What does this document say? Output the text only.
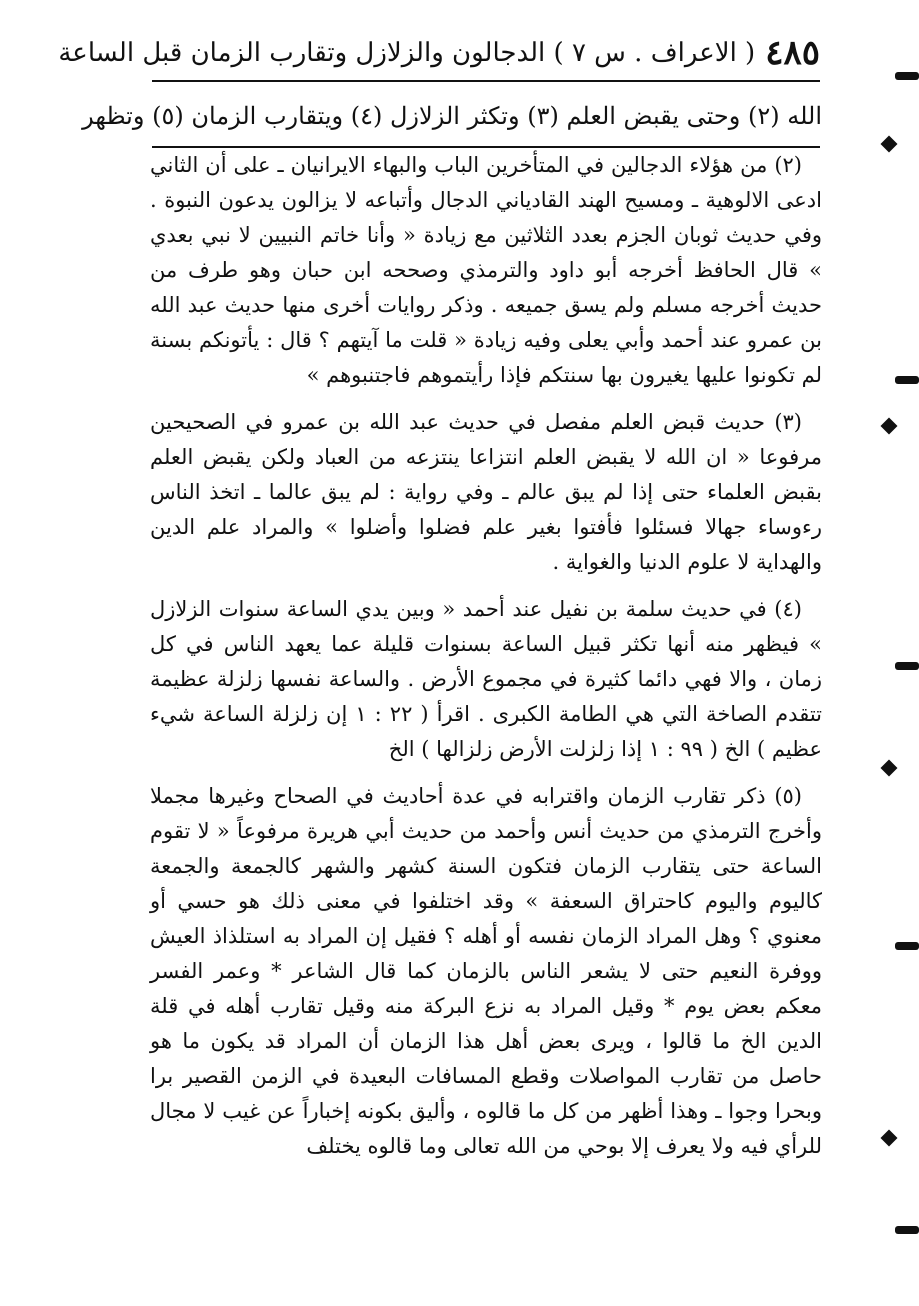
٤٨٥
( الاعراف . س ٧ ) الدجالون والزلازل وتقارب الزمان قبل الساعة
الله (٢) وحتى يقبض العلم (٣) وتكثر الزلازل (٤) ويتقارب الزمان (٥) وتظهر

(٢) من هؤلاء الدجالين في المتأخرين الباب والبهاء الايرانيان ـ على أن الثاني ادعى الالوهية ـ ومسيح الهند القادياني الدجال وأتباعه لا يزالون يدعون النبوة . وفي حديث ثوبان الجزم بعدد الثلاثين مع زيادة « وأنا خاتم النبيين لا نبي بعدي » قال الحافظ أخرجه أبو داود والترمذي وصححه ابن حبان وهو طرف من حديث أخرجه مسلم ولم يسق جميعه . وذكر روايات أخرى منها حديث عبد الله بن عمرو عند أحمد وأبي يعلى وفيه زيادة « قلت ما آيتهم ؟ قال : يأتونكم بسنة لم تكونوا عليها يغيرون بها سنتكم فإذا رأيتموهم فاجتنبوهم »

(٣) حديث قبض العلم مفصل في حديث عبد الله بن عمرو في الصحيحين مرفوعا « ان الله لا يقبض العلم انتزاعا ينتزعه من العباد ولكن يقبض العلم بقبض العلماء حتى إذا لم يبق عالم ـ وفي رواية : لم يبق عالما ـ اتخذ الناس رءوساء جهالا فسئلوا فأفتوا بغير علم فضلوا وأضلوا » والمراد علم الدين والهداية لا علوم الدنيا والغواية .

(٤) في حديث سلمة بن نفيل عند أحمد « وبين يدي الساعة سنوات الزلازل » فيظهر منه أنها تكثر قبيل الساعة بسنوات قليلة عما يعهد الناس في كل زمان ، والا فهي دائما كثيرة في مجموع الأرض . والساعة نفسها زلزلة عظيمة تتقدم الصاخة التي هي الطامة الكبرى . اقرأ ( ٢٢ : ١ إن زلزلة الساعة شيء عظيم ) الخ ( ٩٩ : ١ إذا زلزلت الأرض زلزالها ) الخ

(٥) ذكر تقارب الزمان واقترابه في عدة أحاديث في الصحاح وغيرها مجملا وأخرج الترمذي من حديث أنس وأحمد من حديث أبي هريرة مرفوعاً « لا تقوم الساعة حتى يتقارب الزمان فتكون السنة كشهر والشهر كالجمعة والجمعة كاليوم واليوم كاحتراق السعفة » وقد اختلفوا في معنى ذلك هو حسي أو معنوي ؟ وهل المراد الزمان نفسه أو أهله ؟ فقيل إن المراد به استلذاذ العيش ووفرة النعيم حتى لا يشعر الناس بالزمان كما قال الشاعر * وعمر الفسر معكم بعض يوم * وقيل المراد به نزع البركة منه وقيل تقارب أهله في قلة الدين الخ ما قالوا ، ويرى بعض أهل هذا الزمان أن المراد قد يكون ما هو حاصل من تقارب المواصلات وقطع المسافات البعيدة في الزمن القصير برا وبحرا وجوا ـ وهذا أظهر من كل ما قالوه ، وأليق بكونه إخباراً عن غيب لا مجال للرأي فيه ولا يعرف إلا بوحي من الله تعالى وما قالوه يختلف
